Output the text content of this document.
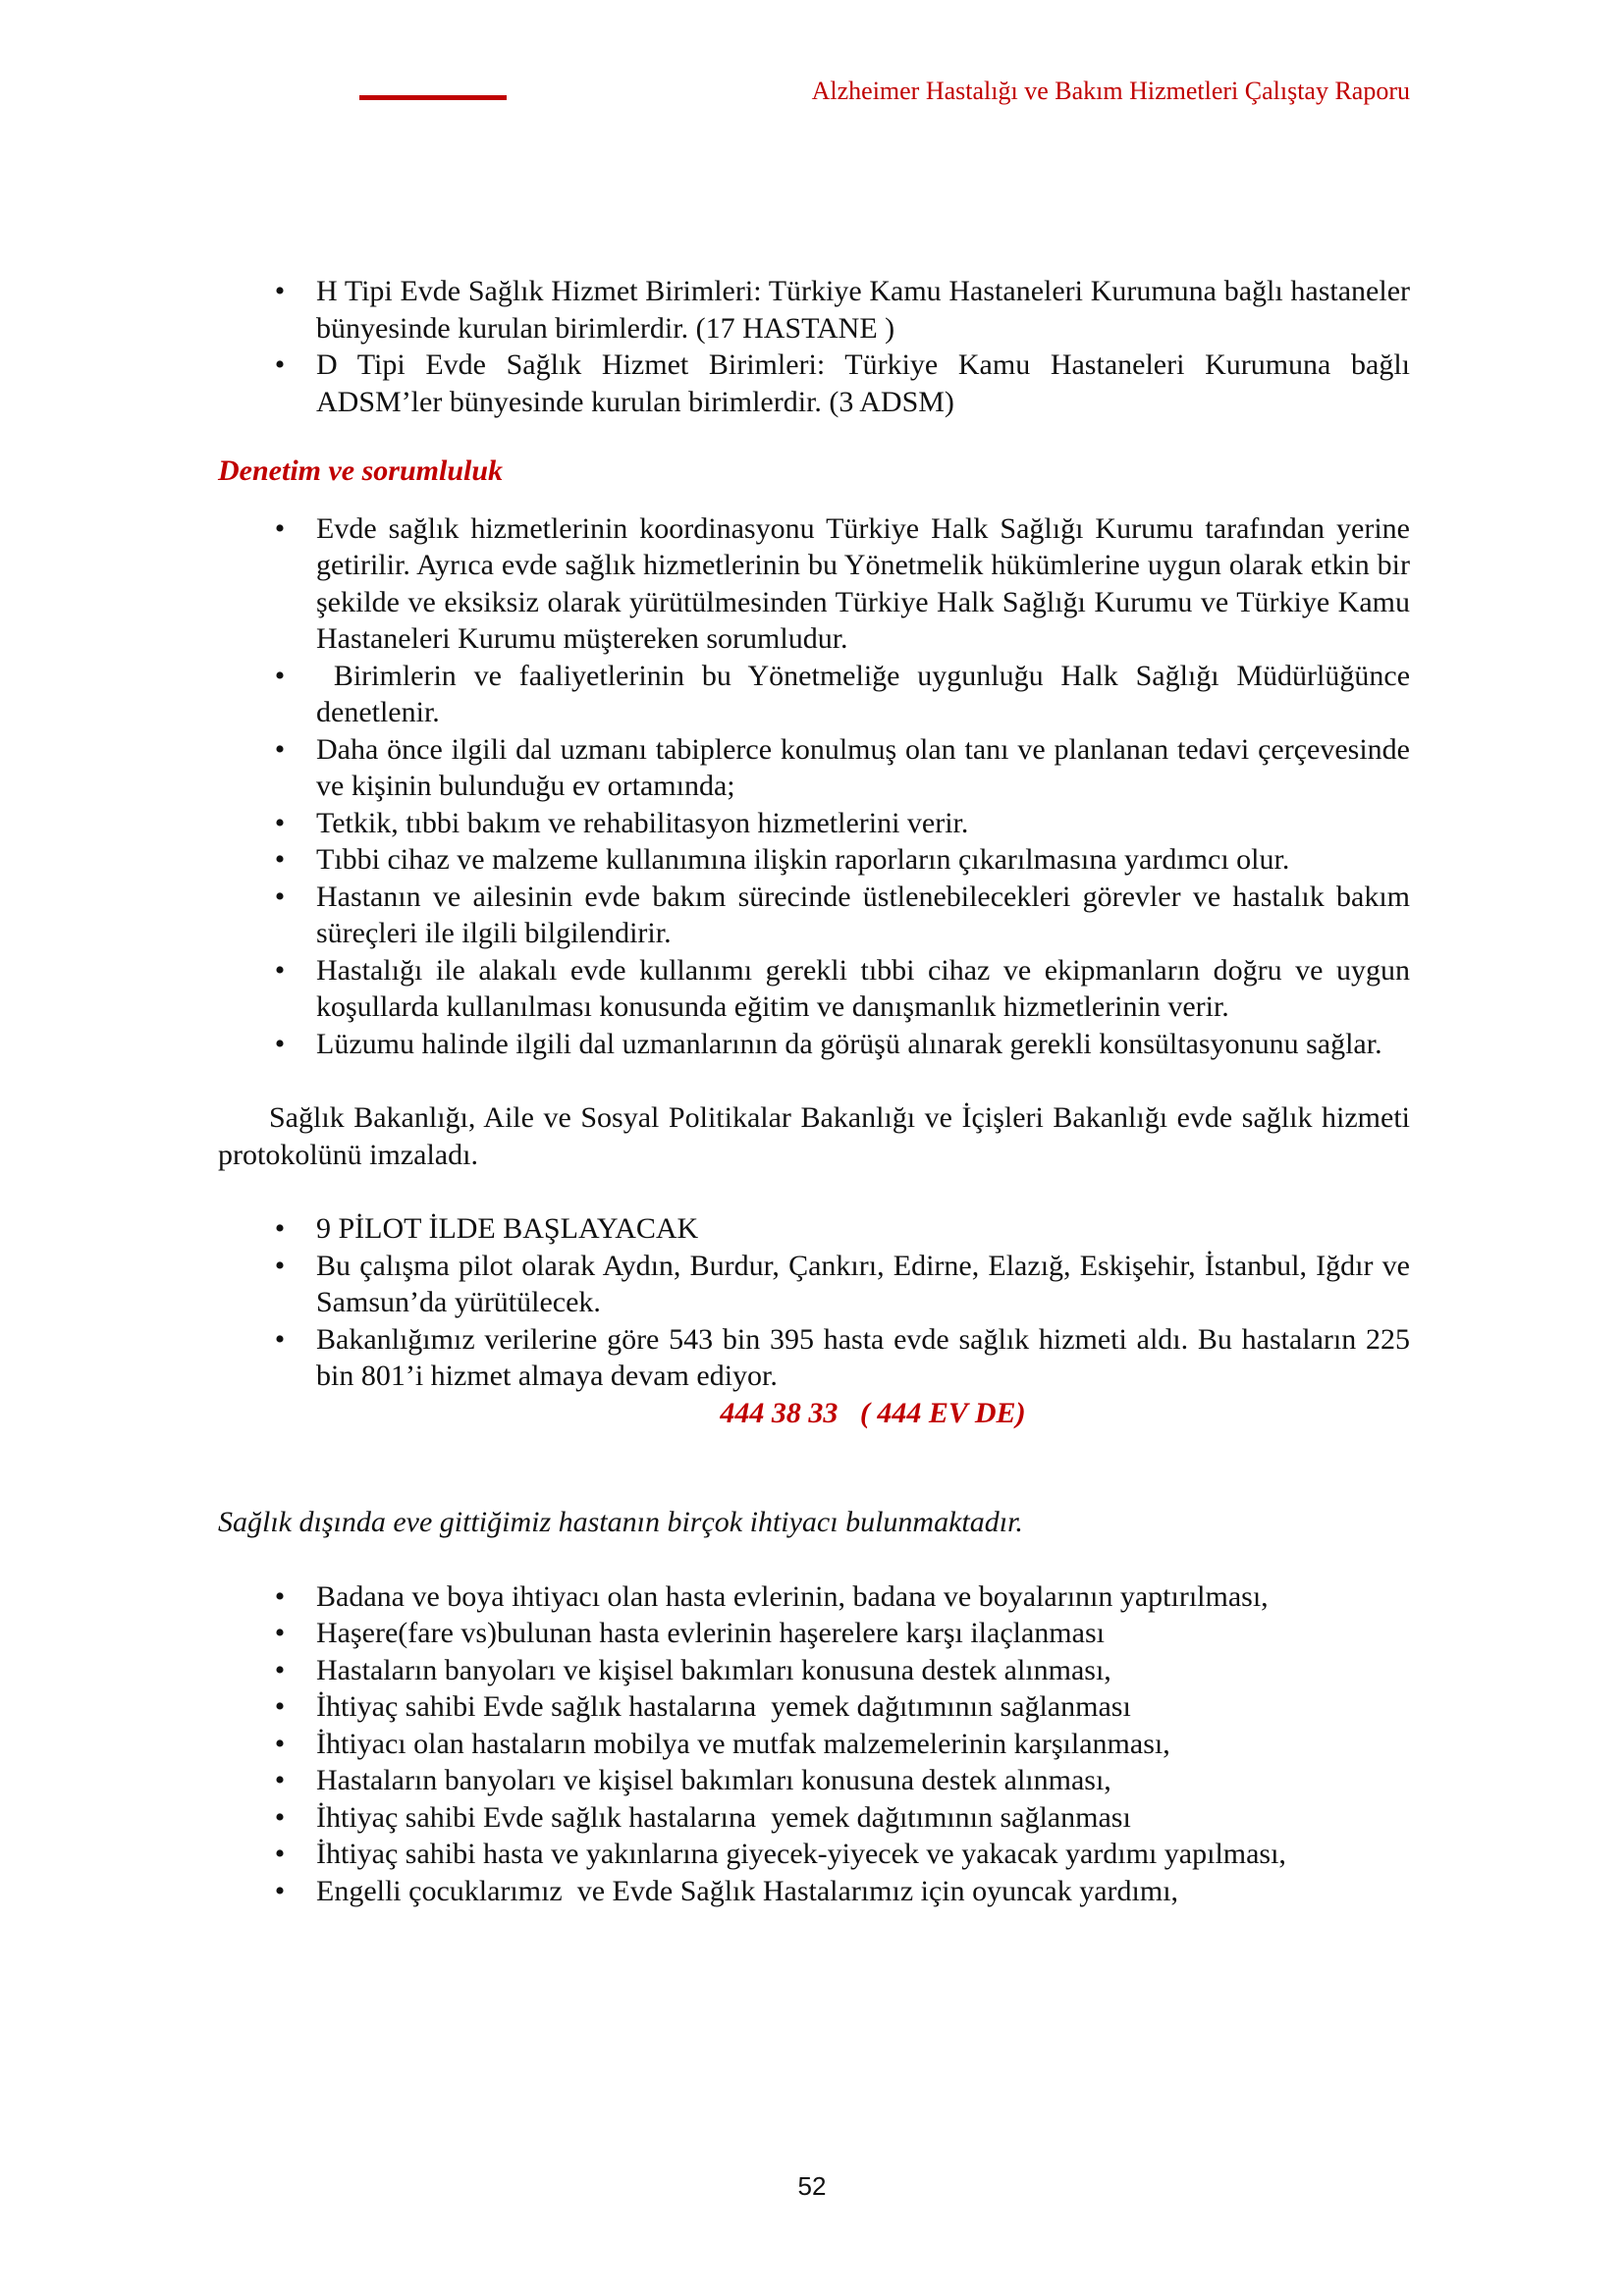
Alzheimer Hastalığı ve Bakım Hizmetleri Çalıştay Raporu
•	H Tipi Evde Sağlık Hizmet Birimleri: Türkiye Kamu Hastaneleri Kurumuna bağlı hastaneler bünyesinde kurulan birimlerdir. (17 HASTANE )
•	D Tipi Evde Sağlık Hizmet Birimleri: Türkiye Kamu Hastaneleri Kurumuna bağlı ADSM’ler bünyesinde kurulan birimlerdir. (3 ADSM)
Denetim ve sorumluluk
•	Evde sağlık hizmetlerinin koordinasyonu Türkiye Halk Sağlığı Kurumu tarafından yerine getirilir. Ayrıca evde sağlık hizmetlerinin bu Yönetmelik hükümlerine uygun olarak etkin bir şekilde ve eksiksiz olarak yürütülmesinden Türkiye Halk Sağlığı Kurumu ve Türkiye Kamu Hastaneleri Kurumu müştereken sorumludur.
•	Birimlerin ve faaliyetlerinin bu Yönetmeliğe uygunluğu Halk Sağlığı Müdürlüğünce denetlenir.
•	Daha önce ilgili dal uzmanı tabiplerce konulmuş olan tanı ve planlanan tedavi çerçevesinde ve kişinin bulunduğu ev ortamında;
•	Tetkik, tıbbi bakım ve rehabilitasyon hizmetlerini verir.
•	Tıbbi cihaz ve malzeme kullanımına ilişkin raporların çıkarılmasına yardımcı olur.
•	Hastanın ve ailesinin evde bakım sürecinde üstlenebilecekleri görevler ve hastalık bakım süreçleri ile ilgili bilgilendirir.
•	Hastalığı ile alakalı evde kullanımı gerekli tıbbi cihaz ve ekipmanların doğru ve uygun koşullarda kullanılması konusunda eğitim ve danışmanlık hizmetlerinin verir.
•	Lüzumu halinde ilgili dal uzmanlarının da görüşü alınarak gerekli konsültasyonunu sağlar.
Sağlık Bakanlığı, Aile ve Sosyal Politikalar Bakanlığı ve İçişleri Bakanlığı evde sağlık hizmeti protokolünü imzaladı.
•	9 PİLOT İLDE BAŞLAYACAK
•	Bu çalışma pilot olarak Aydın, Burdur, Çankırı, Edirne, Elazığ, Eskişehir, İstanbul, Iğdır ve Samsun’da yürütülecek.
•	Bakanlığımız verilerine göre 543 bin 395 hasta evde sağlık hizmeti aldı. Bu hastaların 225 bin 801’i hizmet almaya devam ediyor.
444 38 33   ( 444 EV DE)
Sağlık dışında eve gittiğimiz hastanın birçok ihtiyacı bulunmaktadır.
•	Badana ve boya ihtiyacı olan hasta evlerinin, badana ve boyalarının yaptırılması,
•	Haşere(fare vs)bulunan hasta evlerinin haşerelere karşı ilaçlanması
•	Hastaların banyoları ve kişisel bakımları konusuna destek alınması,
•	İhtiyaç sahibi Evde sağlık hastalarına  yemek dağıtımının sağlanması
•	İhtiyacı olan hastaların mobilya ve mutfak malzemelerinin karşılanması,
•	Hastaların banyoları ve kişisel bakımları konusuna destek alınması,
•	İhtiyaç sahibi Evde sağlık hastalarına  yemek dağıtımının sağlanması
•	İhtiyaç sahibi hasta ve yakınlarına giyecek-yiyecek ve yakacak yardımı yapılması,
•	Engelli çocuklarımız  ve Evde Sağlık Hastalarımız için oyuncak yardımı,
52
